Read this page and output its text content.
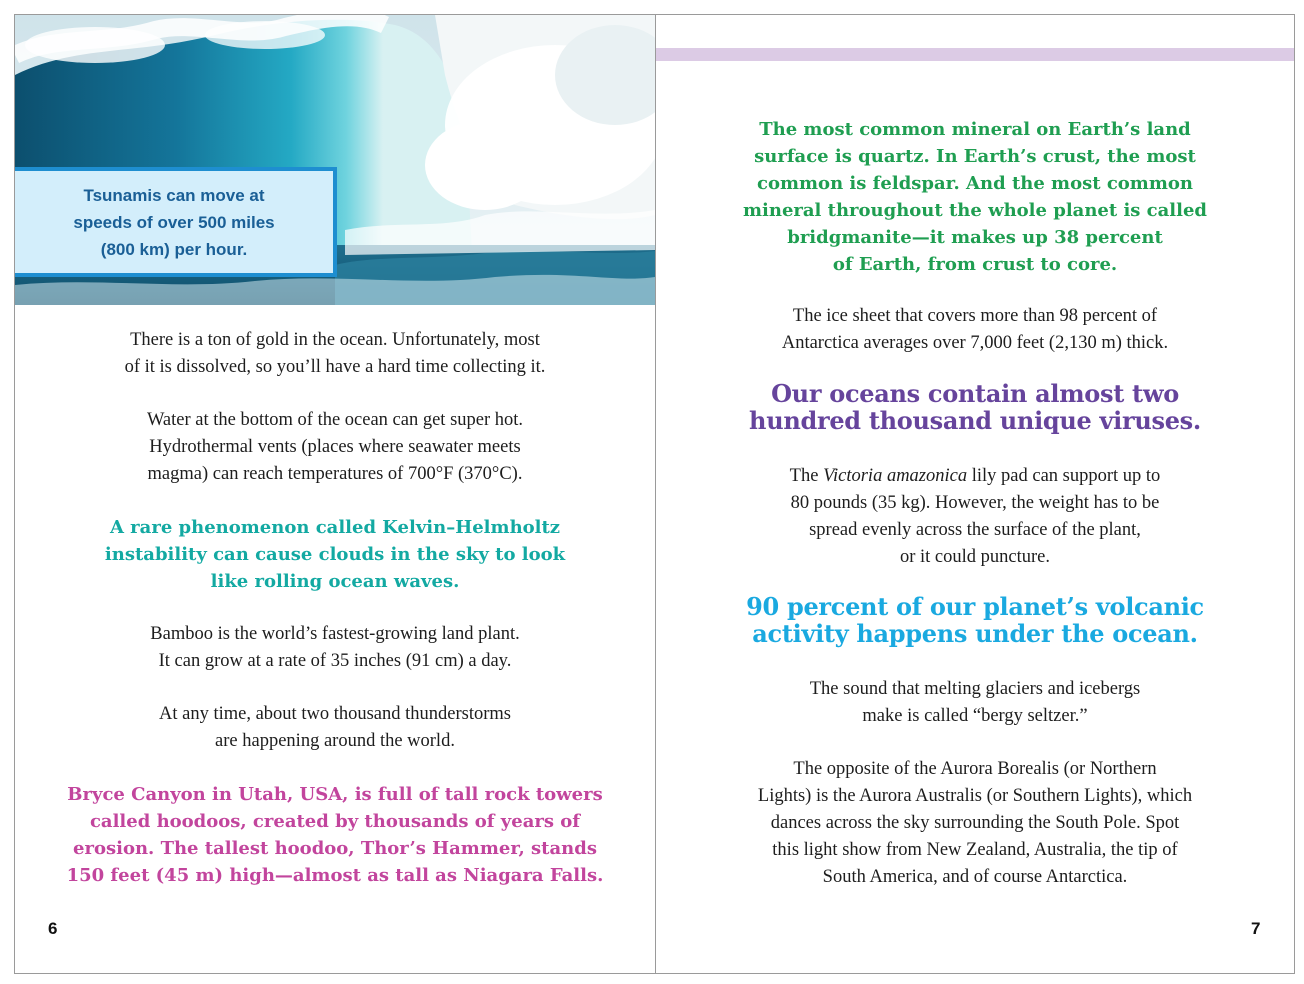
Tsunamis can move at
speeds of over 500 miles
(800 km) per hour.
There is a ton of gold in the ocean. Unfortunately, most
of it is dissolved, so you’ll have a hard time collecting it.
Water at the bottom of the ocean can get super hot.
Hydrothermal vents (places where seawater meets
magma) can reach temperatures of 700°F (370°C).
A rare phenomenon called Kelvin–Helmholtz
instability can cause clouds in the sky to look
like rolling ocean waves.
Bamboo is the world’s fastest-growing land plant.
It can grow at a rate of 35 inches (91 cm) a day.
At any time, about two thousand thunderstorms
are happening around the world.
Bryce Canyon in Utah, USA, is full of tall rock towers
called hoodoos, created by thousands of years of
erosion. The tallest hoodoo, Thor’s Hammer, stands
150 feet (45 m) high—almost as tall as Niagara Falls.
6
The most common mineral on Earth’s land
surface is quartz. In Earth’s crust, the most
common is feldspar. And the most common
mineral throughout the whole planet is called
bridgmanite—it makes up 38 percent
of Earth, from crust to core.
The ice sheet that covers more than 98 percent of
Antarctica averages over 7,000 feet (2,130 m) thick.
Our oceans contain almost two
hundred thousand unique viruses.
The Victoria amazonica lily pad can support up to
80 pounds (35 kg). However, the weight has to be
spread evenly across the surface of the plant,
or it could puncture.
90 percent of our planet’s volcanic
activity happens under the ocean.
The sound that melting glaciers and icebergs
make is called “bergy seltzer.”
The opposite of the Aurora Borealis (or Northern
Lights) is the Aurora Australis (or Southern Lights), which
dances across the sky surrounding the South Pole. Spot
this light show from New Zealand, Australia, the tip of
South America, and of course Antarctica.
7
